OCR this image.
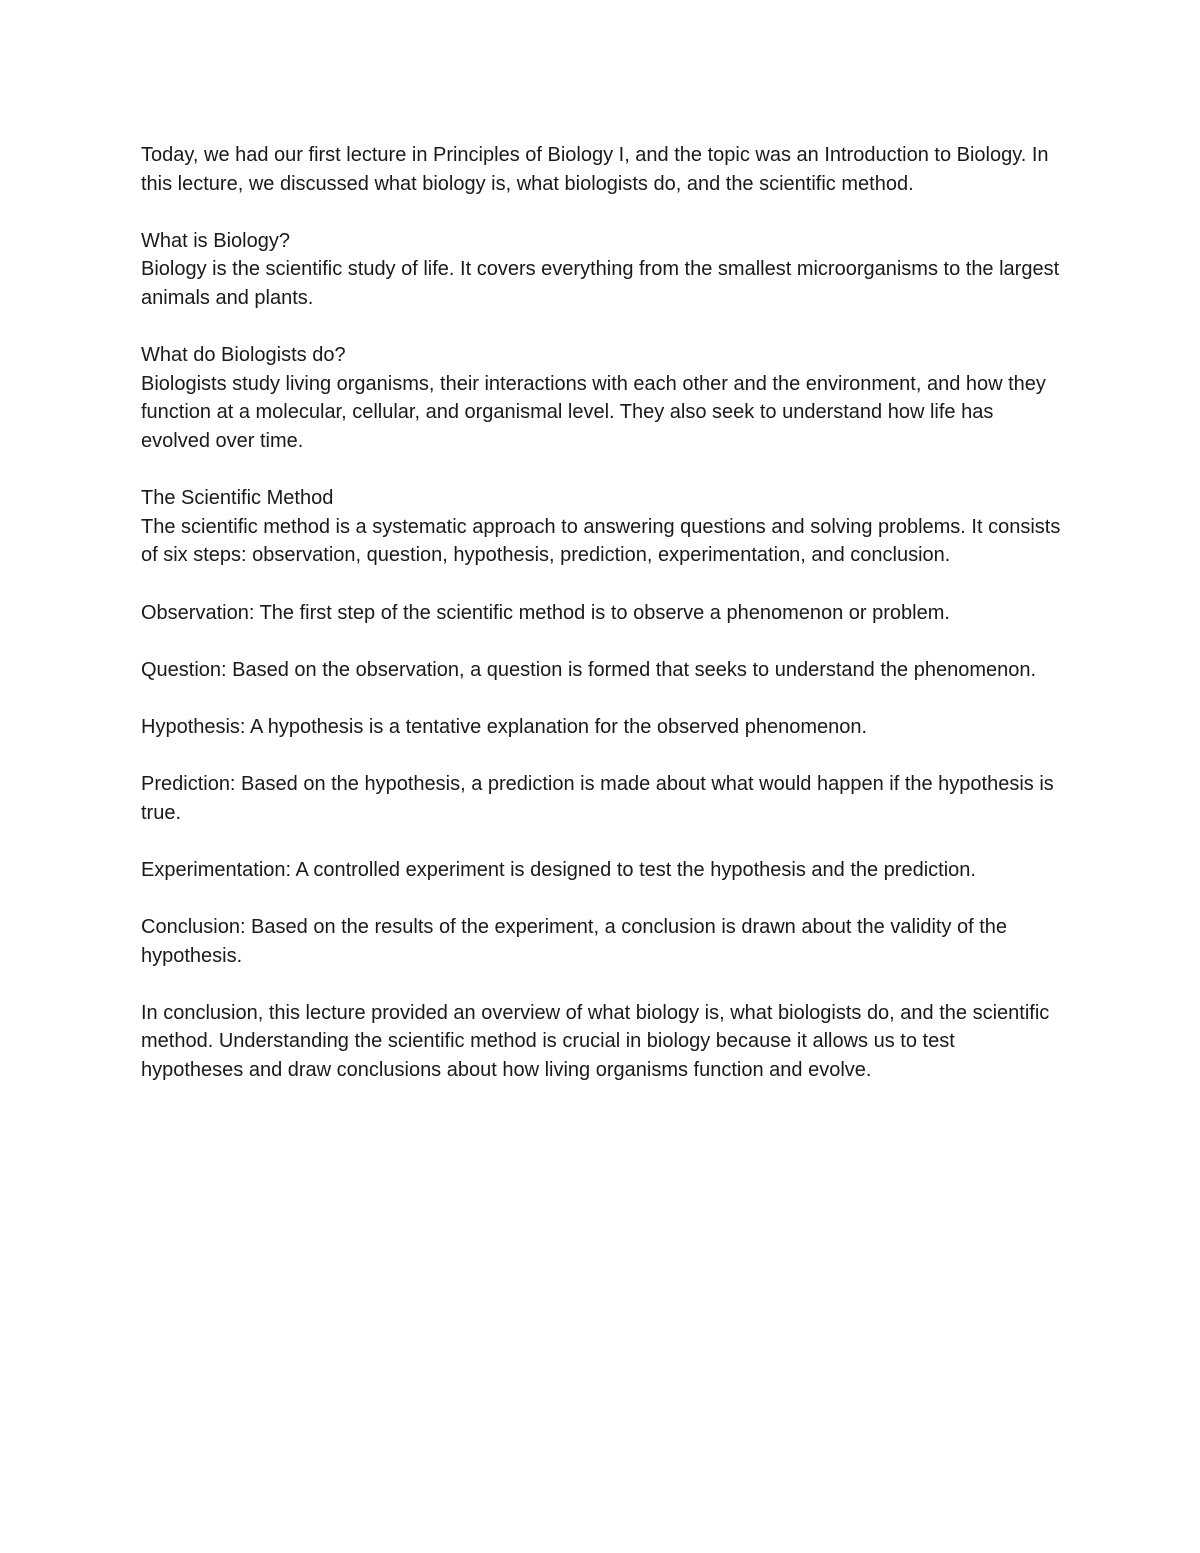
Today, we had our first lecture in Principles of Biology I, and the topic was an Introduction to Biology. In this lecture, we discussed what biology is, what biologists do, and the scientific method.

What is Biology?
Biology is the scientific study of life. It covers everything from the smallest microorganisms to the largest animals and plants.

What do Biologists do?
Biologists study living organisms, their interactions with each other and the environment, and how they function at a molecular, cellular, and organismal level. They also seek to understand how life has evolved over time.

The Scientific Method
The scientific method is a systematic approach to answering questions and solving problems. It consists of six steps: observation, question, hypothesis, prediction, experimentation, and conclusion.

Observation: The first step of the scientific method is to observe a phenomenon or problem.

Question: Based on the observation, a question is formed that seeks to understand the phenomenon.

Hypothesis: A hypothesis is a tentative explanation for the observed phenomenon.

Prediction: Based on the hypothesis, a prediction is made about what would happen if the hypothesis is true.

Experimentation: A controlled experiment is designed to test the hypothesis and the prediction.

Conclusion: Based on the results of the experiment, a conclusion is drawn about the validity of the hypothesis.

In conclusion, this lecture provided an overview of what biology is, what biologists do, and the scientific method. Understanding the scientific method is crucial in biology because it allows us to test hypotheses and draw conclusions about how living organisms function and evolve.
